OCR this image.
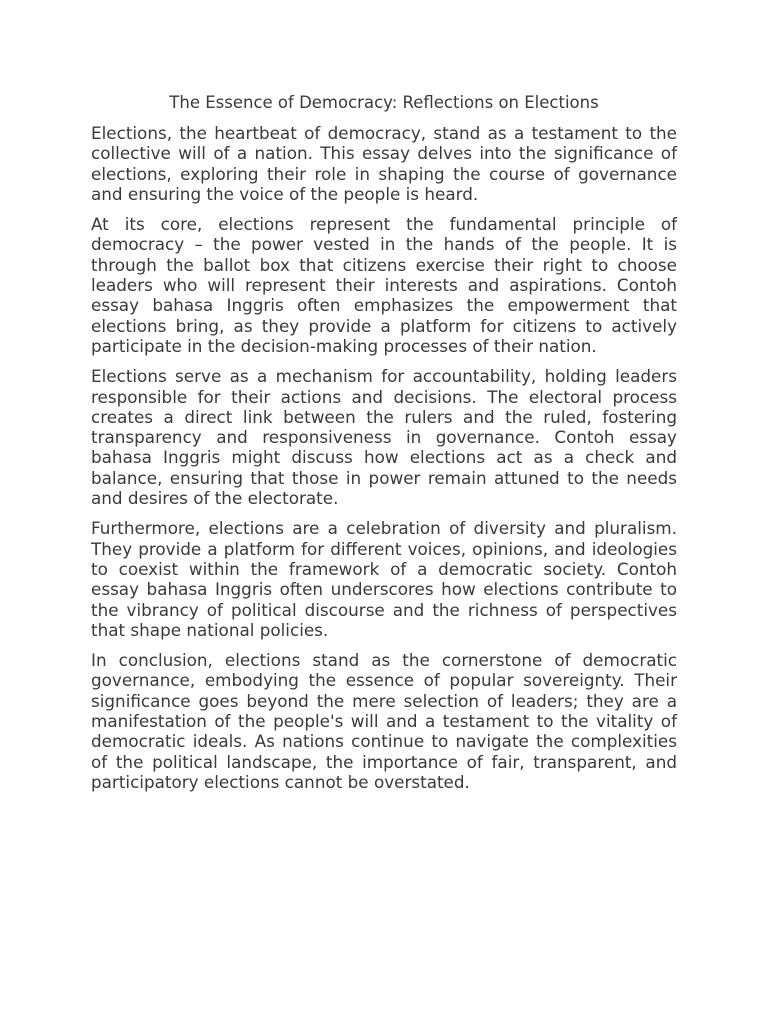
The Essence of Democracy: Reflections on Elections

Elections, the heartbeat of democracy, stand as a testament to the collective will of a nation. This essay delves into the significance of elections, exploring their role in shaping the course of governance and ensuring the voice of the people is heard.

At its core, elections represent the fundamental principle of democracy – the power vested in the hands of the people. It is through the ballot box that citizens exercise their right to choose leaders who will represent their interests and aspirations. Contoh essay bahasa Inggris often emphasizes the empowerment that elections bring, as they provide a platform for citizens to actively participate in the decision-making processes of their nation.

Elections serve as a mechanism for accountability, holding leaders responsible for their actions and decisions. The electoral process creates a direct link between the rulers and the ruled, fostering transparency and responsiveness in governance. Contoh essay bahasa Inggris might discuss how elections act as a check and balance, ensuring that those in power remain attuned to the needs and desires of the electorate.

Furthermore, elections are a celebration of diversity and pluralism. They provide a platform for different voices, opinions, and ideologies to coexist within the framework of a democratic society. Contoh essay bahasa Inggris often underscores how elections contribute to the vibrancy of political discourse and the richness of perspectives that shape national policies.

In conclusion, elections stand as the cornerstone of democratic governance, embodying the essence of popular sovereignty. Their significance goes beyond the mere selection of leaders; they are a manifestation of the people's will and a testament to the vitality of democratic ideals. As nations continue to navigate the complexities of the political landscape, the importance of fair, transparent, and participatory elections cannot be overstated.
